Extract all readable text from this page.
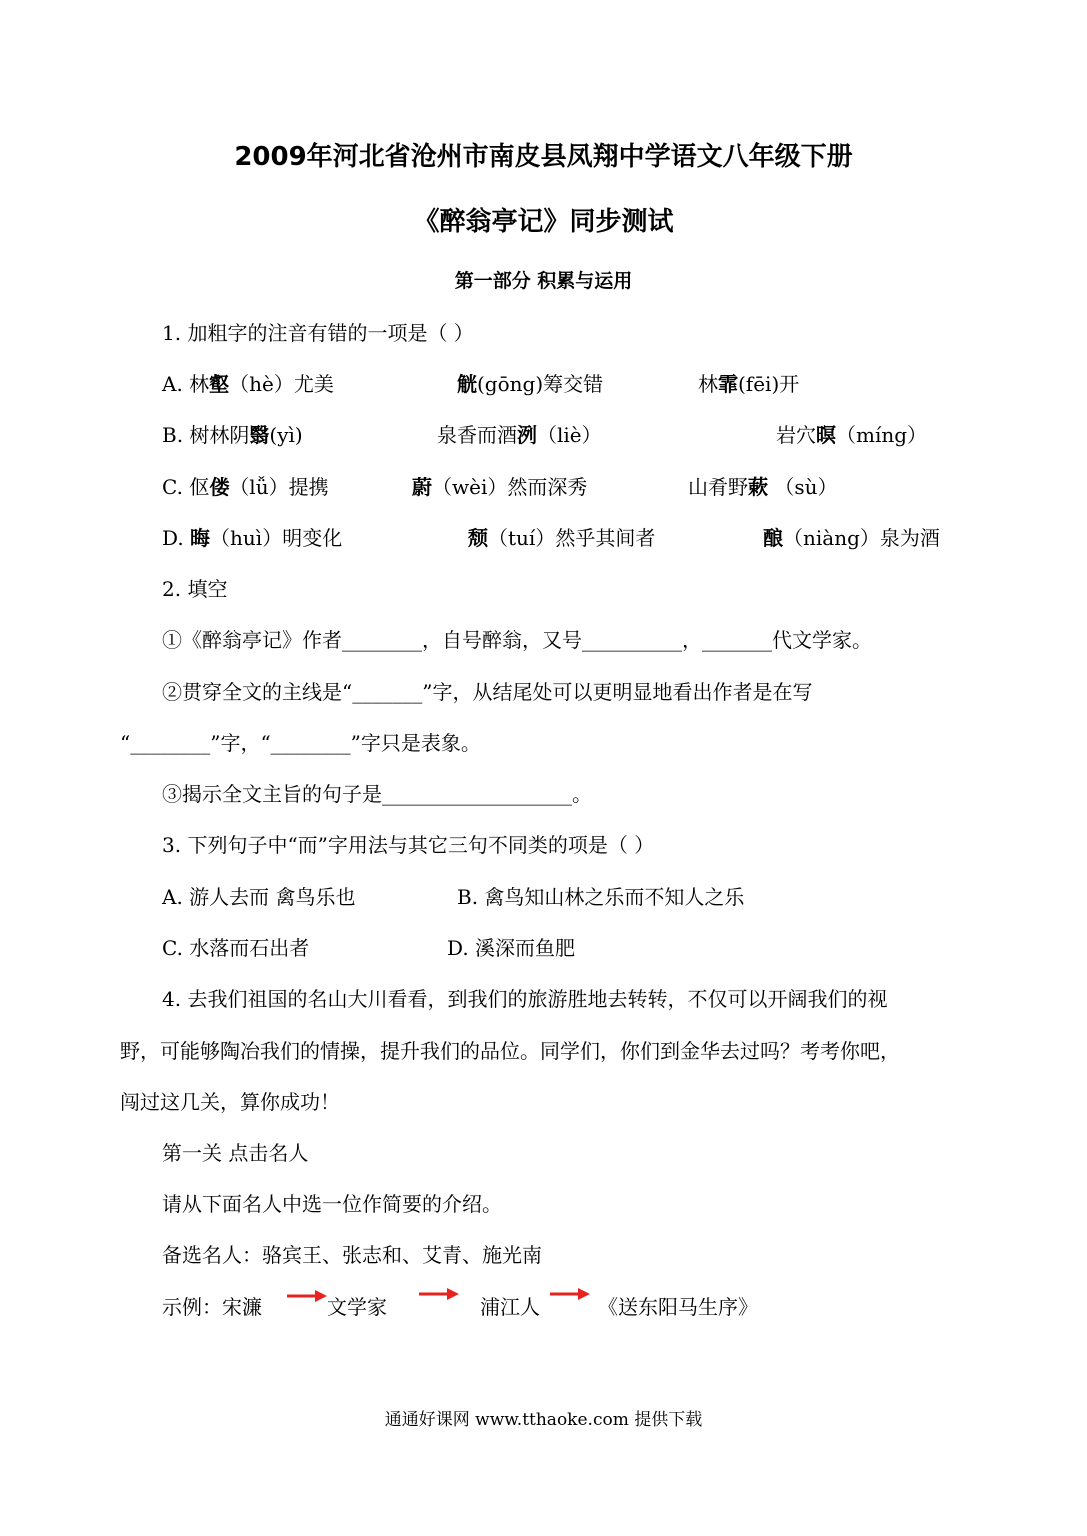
2009年河北省沧州市南皮县凤翔中学语文八年级下册
《醉翁亭记》同步测试
第一部分 积累与运用
1. 加粗字的注音有错的一项是（ ）
A. 林壑（hè）尤美	觥(gōng)筹交错	林霏(fēi)开
B. 树林阴翳(yì)	泉香而酒洌（liè）	岩穴暝（míng）
C. 伛偻（lǚ）提携	蔚（wèi）然而深秀	山肴野蔌 （sù）
D. 晦（huì）明变化	颓（tuí）然乎其间者	酿（niàng）泉为酒
2. 填空
①《醉翁亭记》作者________，自号醉翁，又号__________，_______代文学家。
②贯穿全文的主线是“_______”字，从结尾处可以更明显地看出作者是在写
“________”字，“________”字只是表象。
③揭示全文主旨的句子是___________________。
3. 下列句子中“而”字用法与其它三句不同类的项是（ ）
A. 游人去而 禽鸟乐也	B. 禽鸟知山林之乐而不知人之乐
C. 水落而石出者	D. 溪深而鱼肥
4. 去我们祖国的名山大川看看，到我们的旅游胜地去转转，不仅可以开阔我们的视
野，可能够陶冶我们的情操，提升我们的品位。同学们，你们到金华去过吗？考考你吧，
闯过这几关，算你成功！
第一关 点击名人
请从下面名人中选一位作简要的介绍。
备选名人：骆宾王、张志和、艾青、施光南
示例：宋濂	文学家	浦江人	《送东阳马生序》
通通好课网 www.tthaoke.com 提供下载
